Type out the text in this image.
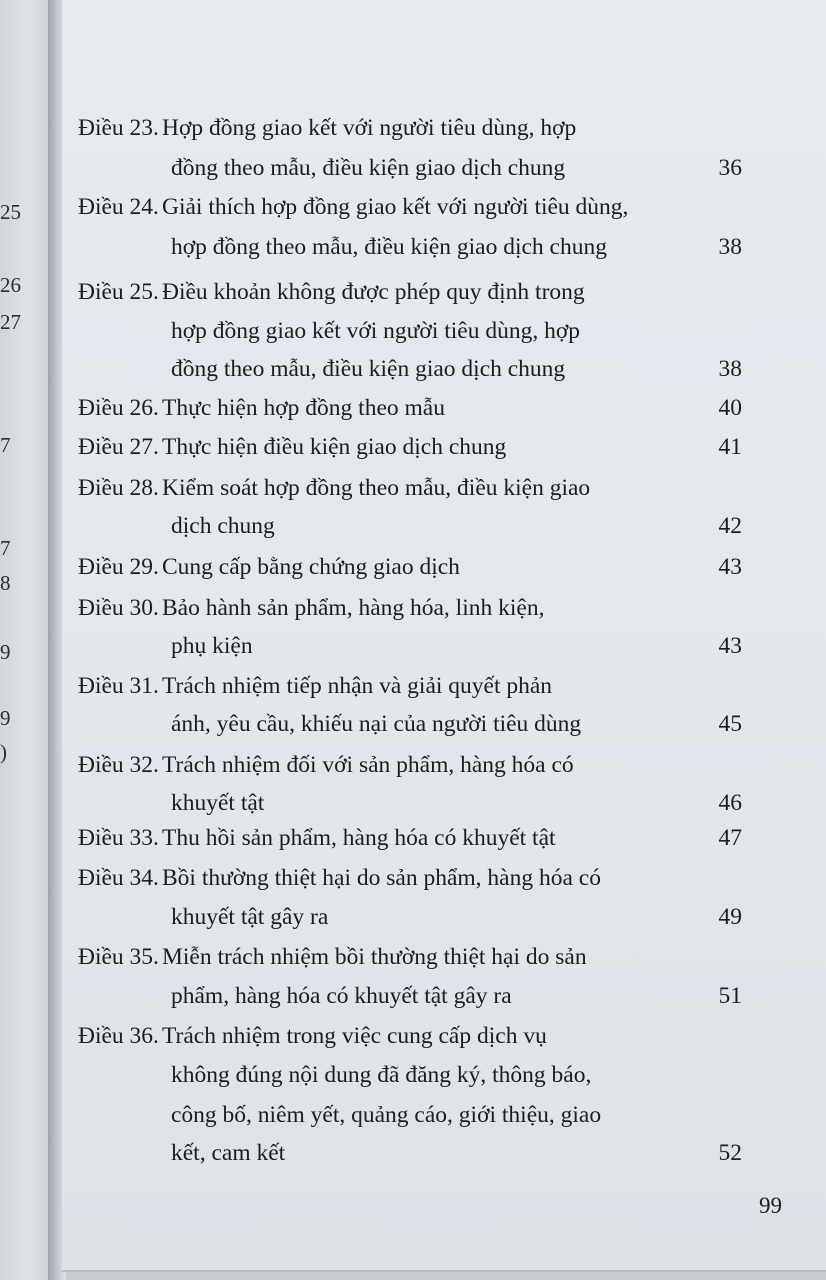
25
26
27
7
7
8
9
9
)
Điều 23. Hợp đồng giao kết với người tiêu dùng, hợp
đồng theo mẫu, điều kiện giao dịch chung	36
Điều 24. Giải thích hợp đồng giao kết với người tiêu dùng,
hợp đồng theo mẫu, điều kiện giao dịch chung	38
Điều 25. Điều khoản không được phép quy định trong
hợp đồng giao kết với người tiêu dùng, hợp
đồng theo mẫu, điều kiện giao dịch chung	38
Điều 26. Thực hiện hợp đồng theo mẫu	40
Điều 27. Thực hiện điều kiện giao dịch chung	41
Điều 28. Kiểm soát hợp đồng theo mẫu, điều kiện giao
dịch chung	42
Điều 29. Cung cấp bằng chứng giao dịch	43
Điều 30. Bảo hành sản phẩm, hàng hóa, linh kiện,
phụ kiện	43
Điều 31. Trách nhiệm tiếp nhận và giải quyết phản
ánh, yêu cầu, khiếu nại của người tiêu dùng	45
Điều 32. Trách nhiệm đối với sản phẩm, hàng hóa có
khuyết tật	46
Điều 33. Thu hồi sản phẩm, hàng hóa có khuyết tật	47
Điều 34. Bồi thường thiệt hại do sản phẩm, hàng hóa có
khuyết tật gây ra	49
Điều 35. Miễn trách nhiệm bồi thường thiệt hại do sản
phẩm, hàng hóa có khuyết tật gây ra	51
Điều 36. Trách nhiệm trong việc cung cấp dịch vụ
không đúng nội dung đã đăng ký, thông báo,
công bố, niêm yết, quảng cáo, giới thiệu, giao
kết, cam kết	52
99
